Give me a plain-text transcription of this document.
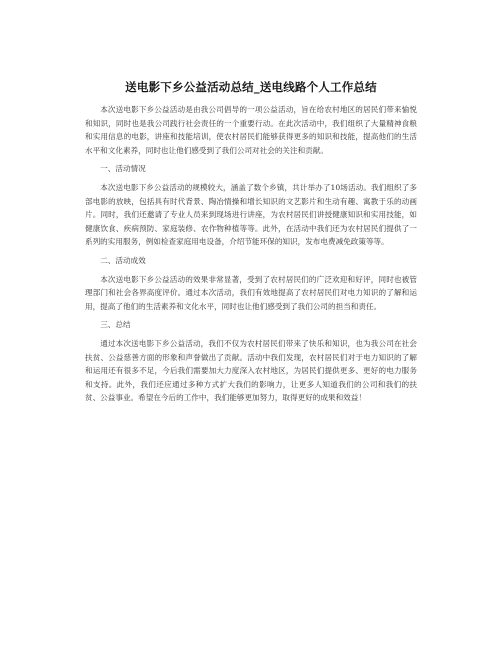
送电影下乡公益活动总结_送电线路个人工作总结

本次送电影下乡公益活动是由我公司倡导的一项公益活动，旨在给农村地区的居民们带来愉悦和知识，同时也是我公司践行社会责任的一个重要行动。在此次活动中，我们组织了大量精神食粮和实用信息的电影，讲座和技能培训，使农村居民们能够获得更多的知识和技能，提高他们的生活水平和文化素养，同时也让他们感受到了我们公司对社会的关注和贡献。

一、活动情况

本次送电影下乡公益活动的规模较大，涵盖了数个乡镇，共计举办了10场活动。我们组织了多部电影的放映，包括具有时代背景、陶冶情操和增长知识的文艺影片和生动有趣、寓教于乐的动画片。同时，我们还邀请了专业人员来到现场进行讲座，为农村居民们讲授健康知识和实用技能，如健康饮食、疾病预防、家庭装修、农作物种植等等。此外，在活动中我们还为农村居民们提供了一系列的实用服务，例如检查家庭用电设备，介绍节能环保的知识，发布电费减免政策等等。

二、活动成效

本次送电影下乡公益活动的效果非常显著，受到了农村居民们的广泛欢迎和好评，同时也被管理部门和社会各界高度评价。通过本次活动，我们有效地提高了农村居民们对电力知识的了解和运用，提高了他们的生活素养和文化水平，同时也让他们感受到了我们公司的担当和责任。

三、总结

通过本次送电影下乡公益活动，我们不仅为农村居民们带来了快乐和知识，也为我公司在社会扶贫、公益慈善方面的形象和声誉做出了贡献。活动中我们发现，农村居民们对于电力知识的了解和运用还有很多不足，今后我们需要加大力度深入农村地区，为居民们提供更多、更好的电力服务和支持。此外，我们还应通过多种方式扩大我们的影响力，让更多人知道我们的公司和我们的扶贫、公益事业。希望在今后的工作中，我们能够更加努力，取得更好的成果和效益！
